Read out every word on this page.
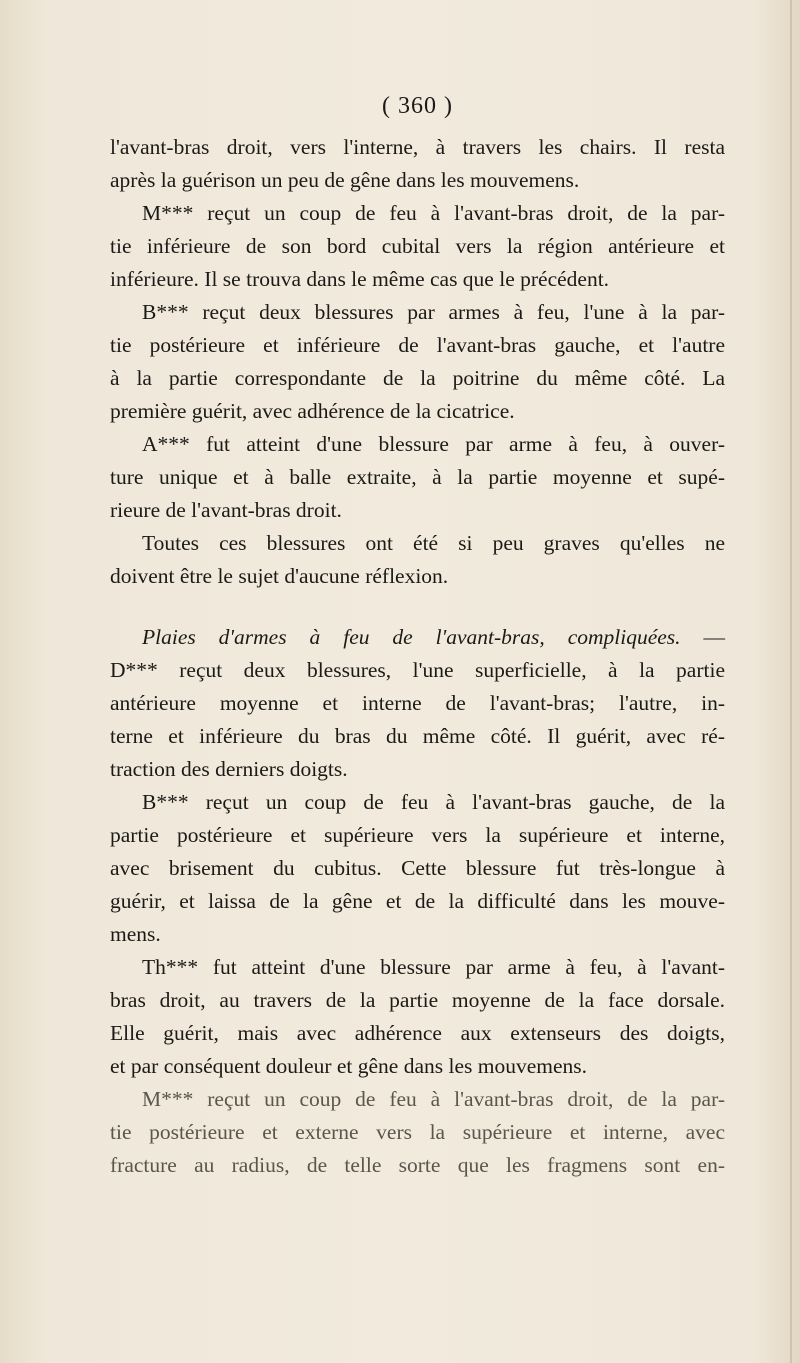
( 360 )

l'avant-bras droit, vers l'interne, à travers les chairs. Il resta
après la guérison un peu de gêne dans les mouvemens.

M*** reçut un coup de feu à l'avant-bras droit, de la par-
tie inférieure de son bord cubital vers la région antérieure et
inférieure. Il se trouva dans le même cas que le précédent.

B*** reçut deux blessures par armes à feu, l'une à la par-
tie postérieure et inférieure de l'avant-bras gauche, et l'autre
à la partie correspondante de la poitrine du même côté. La
première guérit, avec adhérence de la cicatrice.

A*** fut atteint d'une blessure par arme à feu, à ouver-
ture unique et à balle extraite, à la partie moyenne et supé-
rieure de l'avant-bras droit.

Toutes ces blessures ont été si peu graves qu'elles ne
doivent être le sujet d'aucune réflexion.

Plaies d'armes à feu de l'avant-bras, compliquées. —
D*** reçut deux blessures, l'une superficielle, à la partie
antérieure moyenne et interne de l'avant-bras; l'autre, in-
terne et inférieure du bras du même côté. Il guérit, avec ré-
traction des derniers doigts.

B*** reçut un coup de feu à l'avant-bras gauche, de la
partie postérieure et supérieure vers la supérieure et interne,
avec brisement du cubitus. Cette blessure fut très-longue à
guérir, et laissa de la gêne et de la difficulté dans les mouve-
mens.

Th*** fut atteint d'une blessure par arme à feu, à l'avant-
bras droit, au travers de la partie moyenne de la face dorsale.
Elle guérit, mais avec adhérence aux extenseurs des doigts,
et par conséquent douleur et gêne dans les mouvemens.

M*** reçut un coup de feu à l'avant-bras droit, de la par-
tie postérieure et externe vers la supérieure et interne, avec
fracture au radius, de telle sorte que les fragmens sont en-
